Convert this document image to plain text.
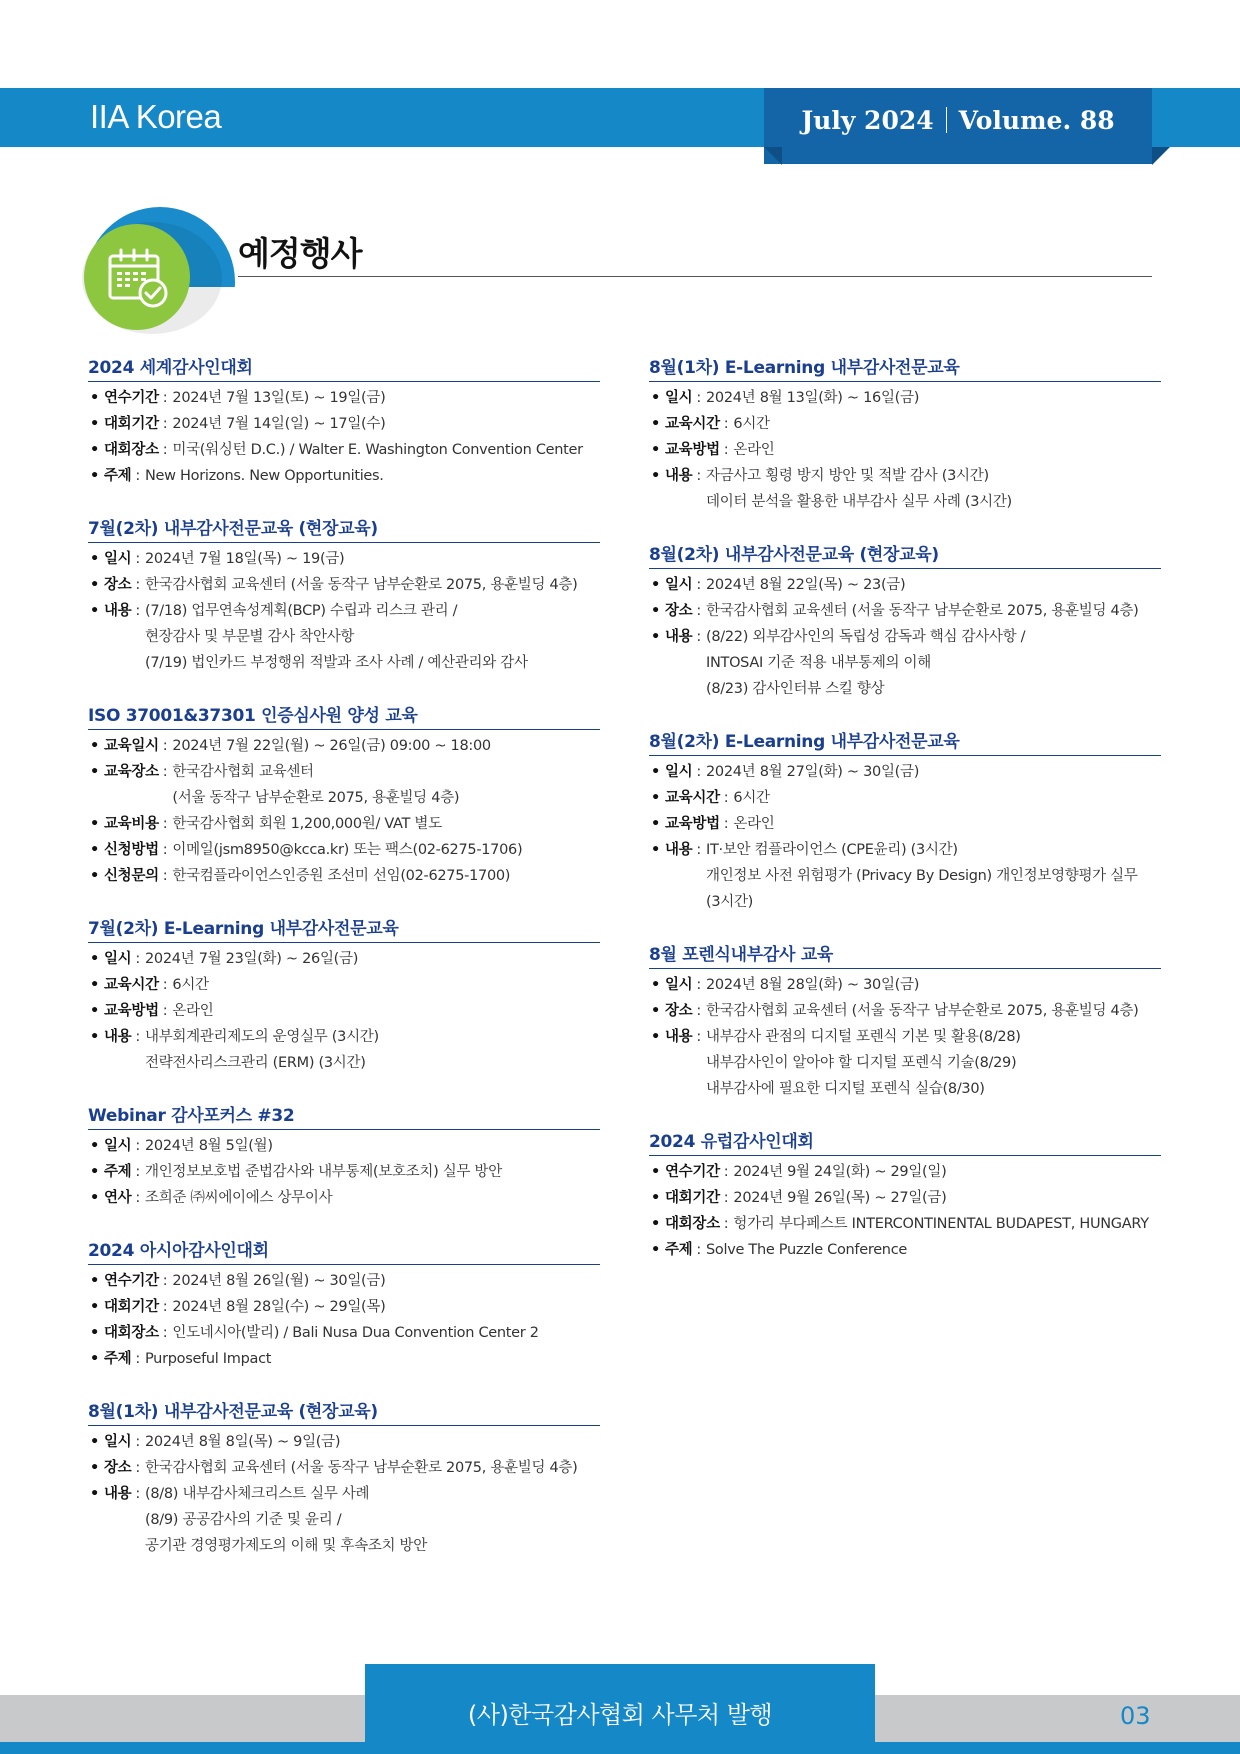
IIA Korea	July 2024 Volume. 88
예정행사
2024 세계감사인대회
• 연수기간 : 2024년 7월 13일(토) ~ 19일(금)
• 대회기간 : 2024년 7월 14일(일) ~ 17일(수)
• 대회장소 : 미국(워싱턴 D.C.) / Walter E. Washington Convention Center
• 주제 : New Horizons. New Opportunities.
7월(2차) 내부감사전문교육 (현장교육)
• 일시 : 2024년 7월 18일(목) ~ 19(금)
• 장소 : 한국감사협회 교육센터 (서울 동작구 남부순환로 2075, 용훈빌딩 4층)
• 내용 : (7/18) 업무연속성계획(BCP) 수립과 리스크 관리 /
현장감사 및 부문별 감사 착안사항
(7/19) 법인카드 부정행위 적발과 조사 사례 / 예산관리와 감사
ISO 37001&37301 인증심사원 양성 교육
• 교육일시 : 2024년 7월 22일(월) ~ 26일(금) 09:00 ~ 18:00
• 교육장소 : 한국감사협회 교육센터
(서울 동작구 남부순환로 2075, 용훈빌딩 4층)
• 교육비용 : 한국감사협회 회원 1,200,000원/ VAT 별도
• 신청방법 : 이메일(jsm8950@kcca.kr) 또는 팩스(02-6275-1706)
• 신청문의 : 한국컴플라이언스인증원 조선미 선임(02-6275-1700)
7월(2차) E-Learning 내부감사전문교육
• 일시 : 2024년 7월 23일(화) ~ 26일(금)
• 교육시간 : 6시간
• 교육방법 : 온라인
• 내용 : 내부회계관리제도의 운영실무 (3시간)
전략전사리스크관리 (ERM) (3시간)
Webinar 감사포커스 #32
• 일시 : 2024년 8월 5일(월)
• 주제 : 개인정보보호법 준법감사와 내부통제(보호조치) 실무 방안
• 연사 : 조희준 ㈜씨에이에스 상무이사
2024 아시아감사인대회
• 연수기간 : 2024년 8월 26일(월) ~ 30일(금)
• 대회기간 : 2024년 8월 28일(수) ~ 29일(목)
• 대회장소 : 인도네시아(발리) / Bali Nusa Dua Convention Center 2
• 주제 : Purposeful Impact
8월(1차) 내부감사전문교육 (현장교육)
• 일시 : 2024년 8월 8일(목) ~ 9일(금)
• 장소 : 한국감사협회 교육센터 (서울 동작구 남부순환로 2075, 용훈빌딩 4층)
• 내용 : (8/8) 내부감사체크리스트 실무 사례
(8/9) 공공감사의 기준 및 윤리 /
공기관 경영평가제도의 이해 및 후속조치 방안
8월(1차) E-Learning 내부감사전문교육
• 일시 : 2024년 8월 13일(화) ~ 16일(금)
• 교육시간 : 6시간
• 교육방법 : 온라인
• 내용 : 자금사고 횡령 방지 방안 및 적발 감사 (3시간)
데이터 분석을 활용한 내부감사 실무 사례 (3시간)
8월(2차) 내부감사전문교육 (현장교육)
• 일시 : 2024년 8월 22일(목) ~ 23(금)
• 장소 : 한국감사협회 교육센터 (서울 동작구 남부순환로 2075, 용훈빌딩 4층)
• 내용 : (8/22) 외부감사인의 독립성 감독과 핵심 감사사항 /
INTOSAI 기준 적용 내부통제의 이해
(8/23) 감사인터뷰 스킬 향상
8월(2차) E-Learning 내부감사전문교육
• 일시 : 2024년 8월 27일(화) ~ 30일(금)
• 교육시간 : 6시간
• 교육방법 : 온라인
• 내용 : IT·보안 컴플라이언스 (CPE윤리) (3시간)
개인정보 사전 위험평가 (Privacy By Design) 개인정보영향평가 실무
(3시간)
8월 포렌식내부감사 교육
• 일시 : 2024년 8월 28일(화) ~ 30일(금)
• 장소 : 한국감사협회 교육센터 (서울 동작구 남부순환로 2075, 용훈빌딩 4층)
• 내용 : 내부감사 관점의 디지털 포렌식 기본 및 활용(8/28)
내부감사인이 알아야 할 디지털 포렌식 기술(8/29)
내부감사에 필요한 디지털 포렌식 실습(8/30)
2024 유럽감사인대회
• 연수기간 : 2024년 9월 24일(화) ~ 29일(일)
• 대회기간 : 2024년 9월 26일(목) ~ 27일(금)
• 대회장소 : 헝가리 부다페스트 INTERCONTINENTAL BUDAPEST, HUNGARY
• 주제 : Solve The Puzzle Conference
(사)한국감사협회 사무처 발행	03
